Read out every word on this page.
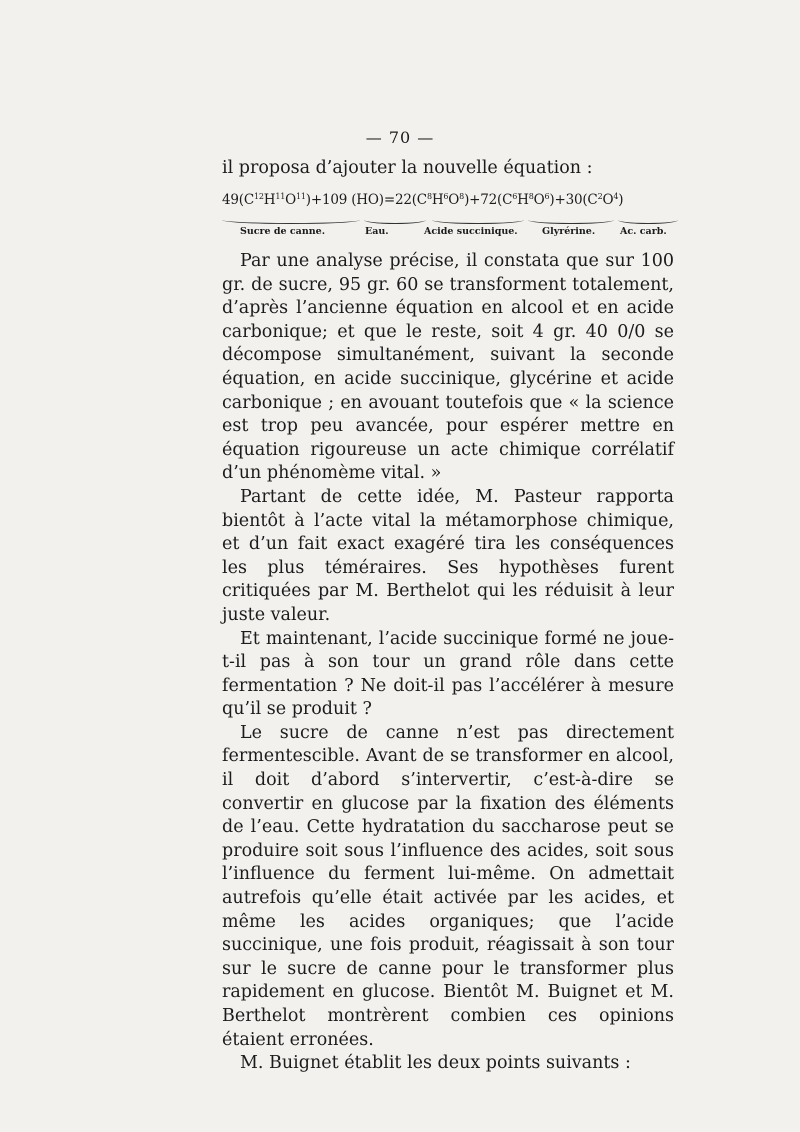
— 70 —
il proposa d’ajouter la nouvelle équation :
$49(C^{12}H^{11}O^{11})+109$ $(HO)=22(C^8H^6O^8)+72(C^6H^8O^6)+30(C^2O^4)$
Sucre de canne.	Eau.	Acide succinique.	Glyrérine.	Ac. carb.

Par une analyse précise, il constata que sur 100 gr. de sucre, 95 gr. 60 se transforment totalement, d’après l’ancienne équation en alcool et en acide carbonique; et que le reste, soit 4 gr. 40 0/0 se décompose simultanément, suivant la seconde équation, en acide succinique, glycérine et acide carbonique ; en avouant toutefois que « la science est trop peu avancée, pour espérer mettre en équation rigoureuse un acte chimique corrélatif d’un phénomème vital. »

Partant de cette idée, M. Pasteur rapporta bientôt à l’acte vital la métamorphose chimique, et d’un fait exact exagéré tira les conséquences les plus téméraires. Ses hypothèses furent critiquées par M. Berthelot qui les réduisit à leur juste valeur.

Et maintenant, l’acide succinique formé ne joue-t-il pas à son tour un grand rôle dans cette fermentation ? Ne doit-il pas l’accélérer à mesure qu’il se produit ?

Le sucre de canne n’est pas directement fermentescible. Avant de se transformer en alcool, il doit d’abord s’intervertir, c’est-à-dire se convertir en glucose par la fixation des éléments de l’eau. Cette hydratation du saccharose peut se produire soit sous l’influence des acides, soit sous l’influence du ferment lui-même. On admettait autrefois qu’elle était activée par les acides, et même les acides organiques; que l’acide succinique, une fois produit, réagissait à son tour sur le sucre de canne pour le transformer plus rapidement en glucose. Bientôt M. Buignet et M. Berthelot montrèrent combien ces opinions étaient erronées.

M. Buignet établit les deux points suivants :
